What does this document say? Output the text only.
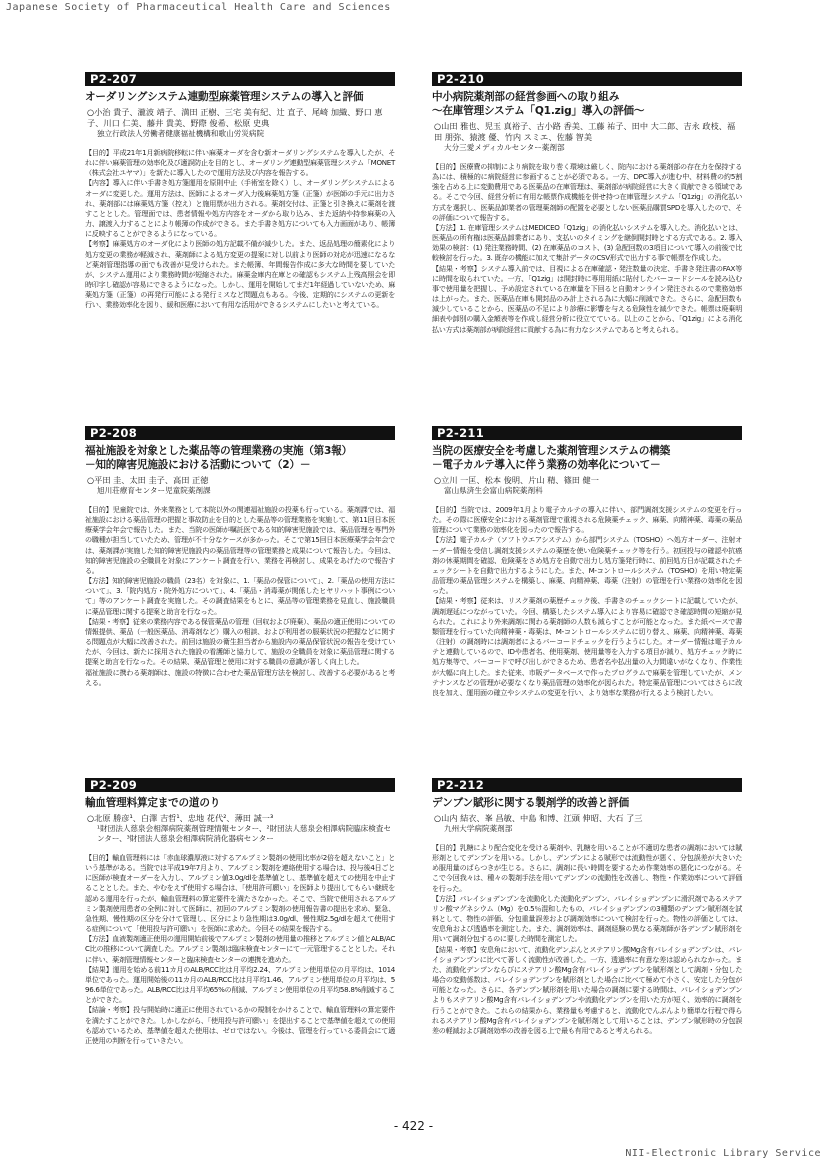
Japanese Society of Pharmaceutical Health Care and Sciences
P2-207
オーダリングシステム連動型麻薬管理システムの導入と評価
○小治 貴子、瀧波 靖子、満田 正樹、三宅 美有紀、辻 直子、尾崎 加織、野口 恵子、川口 仁美、藤井 貴美、野際 俊希、松原 史典
独立行政法人労働者健康福祉機構和歌山労災病院

【目的】平成21年1月新病院移転に伴い麻薬オーダを含む新オーダリングシステムを導入したが、それに伴い麻薬管理の効率化及び適誤防止を目的とし、オーダリング連動型麻薬管理システム「MONET（株式会社ユヤマ）」を新たに導入したので運用方法及び内容を報告する。

【内容】導入に伴い手書き処方箋運用を原則中止（手術室を除く）し、オーダリングシステムによるオーダに変更した。運用方法は、医師によるオーダ入力後麻薬処方箋（正箋）が医師の手元に出力され、薬剤部には麻薬処方箋（控え）と施用票が出力される。薬剤交付は、正箋と引き換えに薬剤を渡すこととした。管理面では、患者情報や処方内容をオーダから取り込み、また返納や持参麻薬の入力、譲渡入力することにより帳簿の作成ができる。また手書き処方についても入力画面があり、帳簿に反映することができるようになっている。

【考察】麻薬処方のオーダ化により医師の処方記載不備が減少した。また、返品処理の簡素化により処方変更の業務が軽減され、薬剤師による処方変更の提案に対し以前より医師の対応が迅速になるなど薬剤管理指導の面でも改善が見受けられた。また帳簿、年間報告作成に多大な時間を要していたが、システム運用により業務時間が短縮された。麻薬金庫内在庫との確認もシステム上残高照会を即時印字し確認が容易にできるようになった。しかし、運用を開始してまだ1年経過していないため、麻薬処方箋（正箋）の再発行可能による発行ミスなど問題点もある。今後、定期的にシステムの更新を行い、業務効率化を図り、緩和医療において有用な活用ができるシステムにしたいと考えている。

P2-208
福祉施設を対象とした薬品等の管理業務の実施（第3報）
－知的障害児施設における活動について（2）－
○平田 圭、太田 圭子、高田 正徳
旭川荘療育センター児童院薬剤課

【目的】児童院では、外来業務として本院以外の関連福祉施設の投薬も行っている。薬剤課では、福祉施設における薬品管理の把握と事故防止を目的とした薬品等の管理業務を実施して、第11回日本医療薬学会年会で報告した。また、当院の医師が嘱託医である知的障害児施設では、薬品管理を専門外の職種が担当していたため、管理が不十分なケースが多かった。そこで第15回日本医療薬学会年会では、薬剤課が実施した知的障害児施設内の薬品管理等の管理業務と成果について報告した。今回は、知的障害児施設の全職員を対象にアンケート調査を行い、業務を再検討し、成果をあげたので報告する。

【方法】知的障害児施設の職員（23名）を対象に、1.「薬品の保管について」、2.「薬品の使用方法について」、3.「院内処方・院外処方について」、4.「薬品・消毒薬が関係したヒヤリハット事例について」等のアンケート調査を実施した。その調査結果をもとに、薬品等の管理業務を見直し、施設職員に薬品管理に関する提案と助言を行なった。

【結果・考察】従来の業務内容である保管薬品の管理（回収および廃棄）、薬品の適正使用についての情報提供、薬品（一般医薬品、消毒剤など）購入の相談、および利用者の服薬状況の把握などに関する問題点が大幅に改善された。前回は施設の衛生担当者から施設内の薬品保管状況の報告を受けていたが、今回は、新たに採用された施設の看護師と協力して、施設の全職員を対象に薬品管理に関する提案と助言を行なった。その結果、薬品管理と使用に対する職員の意識が著しく向上した。

福祉施設に携わる薬剤師は、施設の特徴に合わせた薬品管理方法を検討し、改善する必要があると考える。

P2-209
輸血管理料算定までの道のり
○北原 勝彦¹、白澤 吉哲¹、忠地 花代²、薄田 誠一³
¹財団法人慈泉会相澤病院薬剤管理情報センター、²財団法人慈泉会相澤病院臨床検査センター、³財団法人慈泉会相澤病院消化器病センター

【目的】輸血管理料には「赤血球濃厚液に対するアルブミン製剤の使用比率が2倍を超えないこと」という基準がある。当院では平成19年7月より、アルブミン製剤を連絡使用する場合は、投与後4日ごとに医師が検査オーダーを入力し、アルブミン値3.0g/dlを基準値とし、基準値を超えての使用を中止することとした。また、やむをえず使用する場合は、「使用許可願い」を医師より提出してもらい継続を認める運用を行ったが、輸血管理料の算定要件を満たさなかった。そこで、当院で使用されるアルブミン製剤使用患者の全例に対して医師に、初回のアルブミン製剤の使用報告書の提出を求め、緊急、急性期、慢性期の区分を分けて管理し、区分により急性期は3.0g/dl、慢性期2.5g/dlを超えて使用する症例について「使用投与許可願い」を医師に求めた。今回その結果を報告する。

【方法】血液製剤適正使用の運用開始前後でアルブミン製剤の使用量の推移とアルブミン値とALB/ACC比の推移について調査した。アルブミン製剤は臨床検査センターにて一元管理することとした。それに伴い、薬剤管理情報センターと臨床検査センターの連携を進めた。

【結果】運用を始める前11カ月のALB/RCC比は月平均2.24、アルブミン使用単位の月平均は、1014単位であった。運用開始後の11カ月のALB/RCC比は月平均1.46、アルブミン使用単位の月平均は、596.6単位であった。ALB/RCC比は月平均65%の削減、アルブミン使用単位の月平均58.8%削減することができた。

【結論・考察】投与開始時に適正に使用されているかの規制をかけることで、輸血管理料の算定要件を満たすことができた。しかしながら、「使用投与許可願い」を提出することで基準値を超えての使用も認めているため、基準値を超えた使用は、ゼロではない。今後は、管理を行っている委員会にて適正使用の判断を行っていきたい。

P2-210
中小病院薬剤部の経営参画への取り組み
～在庫管理システム「Q1.zig」導入の評価～
○山田 雅也、児玉 真裕子、古小路 香美、工藤 祐子、田中 大二郎、吉永 政枝、福田 朋弥、猿渡 優、竹内 スミエ、佐藤 智美
大分三愛メディカルセンター薬剤部

【目的】医療費の抑制により病院を取り巻く環境は厳しく、院内における薬剤部の存在力を保持する為には、積極的に病院経営に参画することが必須である。一方、DPC導入が進む中、材料費の約5割強を占める上に変動費用である医薬品の在庫管理は、薬剤部が病院経営に大きく貢献できる領域である。そこで今回、経営分析に有用な帳票作成機能を併せ持つ在庫管理システム「Q1zig」の消化払い方式を選択し、医薬品卸業者の管理薬剤師の配置を必要としない医薬品購買SPDを導入したので、その評価について報告する。

【方法】1. 在庫管理システムはMEDICEO「Q1zig」の消化払いシステムを導入した。消化払いとは、医薬品の所有権は医薬品卸業者にあり、支払いのタイミングを継倒開封時とする方式である。2. 導入効果の検討：(1) 発注業務時間、(2) 在庫薬品のコスト、(3) 急配回数の3項目について導入の前後で比較検討を行った。3. 既存の機能に加えて集計データのCSV形式で出力する事で帳票を作成した。

【結果・考察】システム導入前では、目視による在庫確認・発注数量の決定、手書き発注書のFAX等に時間を取られていた。一方、「Q1zig」は開封時に専用用紙に貼付したバーコードシールを読み込む事で使用量を把握し、予め設定されている在庫量を下回ると自動オンライン発注されるので業務効率は上がった。また、医薬品在庫も開封品のみ計上される為に大幅に削減できた。さらに、急配回数も減少していることから、医薬品の不足により診療に影響を与える危険性を減少できた。帳票は廃棄明細表や卸別の購入金額表等を作成し経営分析に役立てている。以上のことから、「Q1zig」による消化払い方式は薬剤部が病院経営に貢献する為に有力なシステムであると考えられる。

P2-211
当院の医療安全を考慮した薬剤管理システムの構築
－電子カルテ導入に伴う業務の効率化について－
○立川 一匡、松本 俊明、片山 精、篠田 健一
富山県済生会富山病院薬剤科

【目的】当院では、2009年1月より電子カルテの導入に伴い、部門調剤支援システムの変更を行った。その際に医療安全における薬剤管理で重視される危険薬チェック、麻薬、向精神薬、毒薬の薬品管理について業務の効率化を図ったので報告する。

【方法】電子カルテ（ソフトウエアシステム）から部門システム（TOSHO）へ処方オーダー、注射オーダー情報を受信し調剤支援システムの薬歴を使い危険薬チェック等を行う。初回投与の確認や抗癌剤の休薬期間を確認、危険薬をさめ処方を自動で出力し処方箋発行時に、前回処方日が記載されたチェックシートを自動で出力するようにした。また、M-コントロールシステム（TOSHO）を用い特定薬品管理の薬品管理システムを構築し、麻薬、向精神薬、毒薬（注射）の管理を行い業務の効率化を図った。

【結果・考察】従来は、リスク薬剤の薬歴チェック後、手書きのチェックシートに記載していたが、調剤遅延につながっていた。今回、構築したシステム導入により容易に確認でき確認時間の短縮が見られた。これにより外来調剤に関わる薬剤師の人数も減らすことが可能となった。また紙ベースで書類管理を行っていた向精神薬・毒薬は、M-コントロールシステムに切り替え、麻薬、向精神薬、毒薬（注射）の調剤時には調剤者によるバーコードチェックを行うようにした。オーダー情報は電子カルテと連動しているので、IDや患者名、使用薬剤、使用量等を入力する項目が減り、処方チェック時に処方集等で、バーコードで呼び出しができるため、患者名や払出量の入力間違いがなくなり、作業性が大幅に向上した。また従来、市販データベースで作ったプログラムで麻薬を管理していたが、メンテナンスなどの管理が必要なくなり薬品管理の効率化が図られた。特定薬品管理についてはさらに改良を加え、運用面の確立やシステムの変更を行い、より効率な業務が行えるよう検討したい。

P2-212
デンブン賦形に関する製剤学的改善と評価
○山内 結衣、峯 昌敏、中島 和博、江頭 伸昭、大石 了三
九州大学病院薬剤部

【目的】乳糖により配合変化を受ける薬剤や、乳糖を用いることが不適切な患者の調剤においては賦形剤としてデンプンを用いる。しかし、デンプンによる賦形では流動性が悪く、分包誤差が大きいため服用量のばらつきが生じる。さらに、調剤に長い時間を要するため作業効率の悪化につながる。そこで今回我々は、種々の製剤手法を用いてデンプンの流動性を改善し、物性・作業効率について評価を行った。

【方法】パレイショデンプンを流動化した流動化デンプン、パレイショデンプンに滑沢剤であるステアリン酸マグネシウム（Mg）を0.5％混和したもの、パレイショデンプンの3種類のデンプン賦形剤を試料として、物性の評価、分包重量誤差および調剤効率について検討を行った。物性の評価としては、安息角および透過率を測定した。また、調剤効率は、調剤経験の異なる薬剤師が各デンプン賦形剤を用いて調剤分包するのに要した時間を測定した。

【結果・考察】安息角において、流動化デンぷんとステアリン酸Mg含有パレイショデンプンは、パレイショデンプンに比べて著しく流動性が改善した。一方、透過率に有意な差は認められなかった。また、流動化デンプンならびにステアリン酸Mg含有パレイショデンプンを賦形剤として調剤・分包した場合の変動係数は、パレイショデンプンを賦形剤とした場合に比べて極めて小さく、安定した分包が可能となった。さらに、各デンプン賦形剤を用いた場合の調剤に要する時間は、パレイショデンプンよりもステアリン酸Mg含有パレイショデンプンや流動化デンプンを用いた方が短く、効率的に調剤を行うことができた。これらの結果から、業務量も考慮すると、流動化でんぷんより簡単な行程で得られるステアリン酸Mg含有パレイショデンプンを賦形剤として用いることは、デンプン賦形時の分包誤差の軽減および調剤効率の改善を図る上で最も有用であると考えられる。

- 422 -
NII-Electronic Library Service
